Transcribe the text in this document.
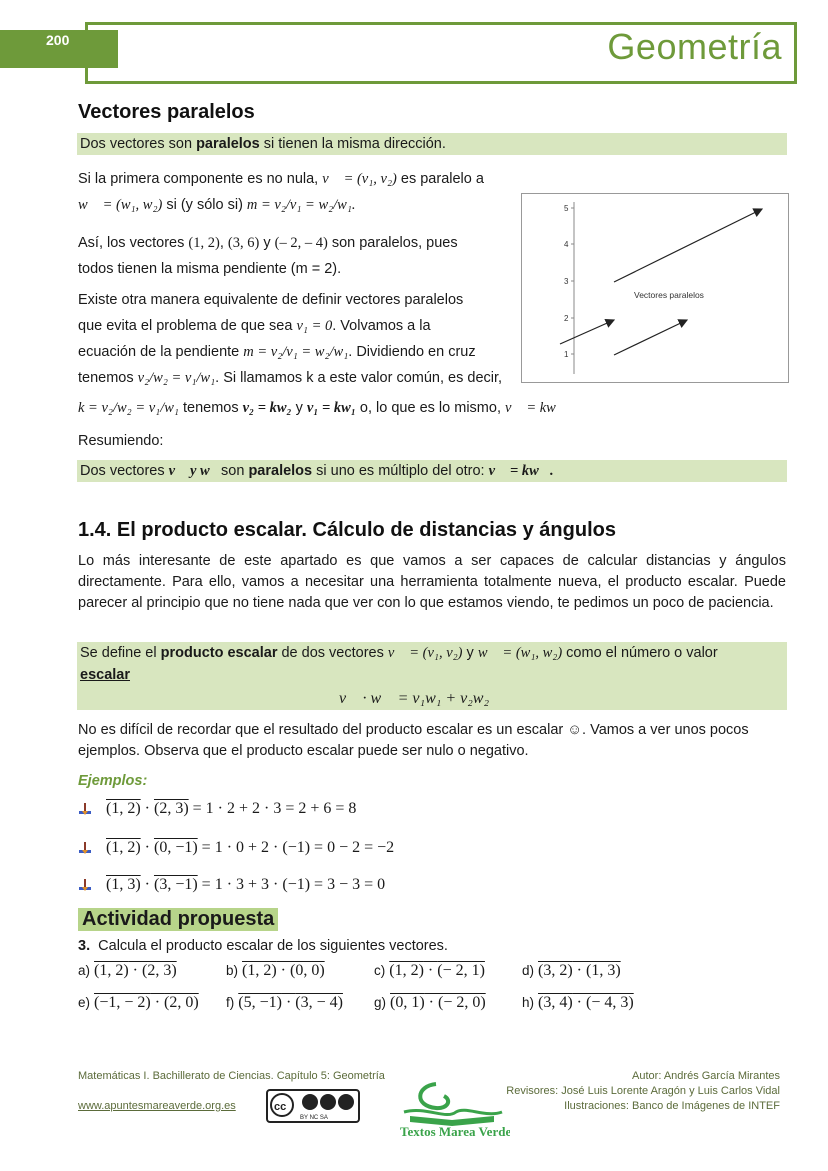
200	Geometría
Vectores paralelos
Dos vectores son paralelos si tienen la misma dirección.
Si la primera componente es no nula, v⃗ = (v₁, v₂) es paralelo a
w⃗ = (w₁, w₂) si (y sólo si) m = v₂/v₁ = w₂/w₁.
Así, los vectores (1, 2), (3, 6) y (– 2, – 4) son paralelos, pues
todos tienen la misma pendiente (m = 2).
Existe otra manera equivalente de definir vectores paralelos
que evita el problema de que sea v₁ = 0. Volvamos a la
ecuación de la pendiente m = v₂/v₁ = w₂/w₁. Dividiendo en cruz
tenemos v₂/w₂ = v₁/w₁. Si llamamos k a este valor común, es decir,
k = v₂/w₂ = v₁/w₁ tenemos v₂ = kw₂ y v₁ = kw₁ o, lo que es lo mismo, v⃗ = kw⃗
Resumiendo:
Dos vectores v⃗ y w⃗son paralelos si uno es múltiplo del otro: v⃗ = kw⃗.
5
4
3
2
1
Vectores paralelos
1.4. El producto escalar. Cálculo de distancias y ángulos
Lo más interesante de este apartado es que vamos a ser capaces de calcular distancias y ángulos directamente. Para ello, vamos a necesitar una herramienta totalmente nueva, el producto escalar. Puede parecer al principio que no tiene nada que ver con lo que estamos viendo, te pedimos un poco de paciencia.
Se define el producto escalar de dos vectores v⃗ = (v₁, v₂) y w⃗ = (w₁, w₂) como el número o valor
escalar
v⃗ · w⃗ = v₁w₁ + v₂w₂
No es difícil de recordar que el resultado del producto escalar es un escalar ☺. Vamos a ver unos pocos ejemplos. Observa que el producto escalar puede ser nulo o negativo.
Ejemplos:
(1, 2) · (2, 3) = 1 · 2 + 2 · 3 = 2 + 6 = 8
(1, 2) · (0, −1) = 1 · 0 + 2 · (−1) = 0 − 2 = −2
(1, 3) · (3, −1) = 1 · 3 + 3 · (−1) = 3 − 3 = 0
Actividad propuesta
3. Calcula el producto escalar de los siguientes vectores.
a) (1, 2) · (2, 3)	b) (1, 2) · (0, 0)	c) (1, 2) · (− 2, 1)	d) (3, 2) · (1, 3)
e) (−1, − 2) · (2, 0) f) (5, −1) · (3, − 4) g) (0, 1) · (− 2, 0)	h) (3, 4) · (− 4, 3)
Matemáticas I. Bachillerato de Ciencias. Capítulo 5: Geometría
www.apuntesmareaverde.org.es	cc
BY NC SA
Textos Marea Verde
Autor: Andrés García Mirantes
Revisores: José Luis Lorente Aragón y Luis Carlos Vidal
Ilustraciones: Banco de Imágenes de INTEF
